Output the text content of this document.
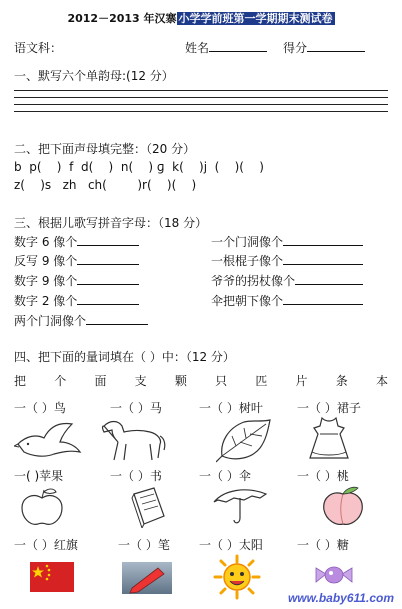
2012－2013 年汉寨 小学学前班第一学期期末测试卷
语文科：	姓名	得分
一、默写六个单韵母:(12 分）
二、把下面声母填完整：（20 分）
b  p(    )  f  d(    )  n(    ) ɡ  k(    )j  (    )(    )
z(    )s   zh   ch(        )r(    )(    )
三、根据儿歌写拼音字母：（18 分）
数字 6 像个
反写 9 像个
数字 9 像个
数字 2 像个
两个门洞像个
一个门洞像个
一根棍子像个
爷爷的拐杖像个
伞把朝下像个
四、把下面的量词填在（ ）中：（12 分）
把 个 面 支 颗 只 匹 片 条 本
一（ ）鸟	一（ ）马	一（ ）树叶	一（ ）裙子
一( )苹果	一（ ）书	一（ ）伞	一（ ）桃
一（ ）红旗	一（ ）笔 一（ ）太阳	一（ ）糖
www.baby611.com
